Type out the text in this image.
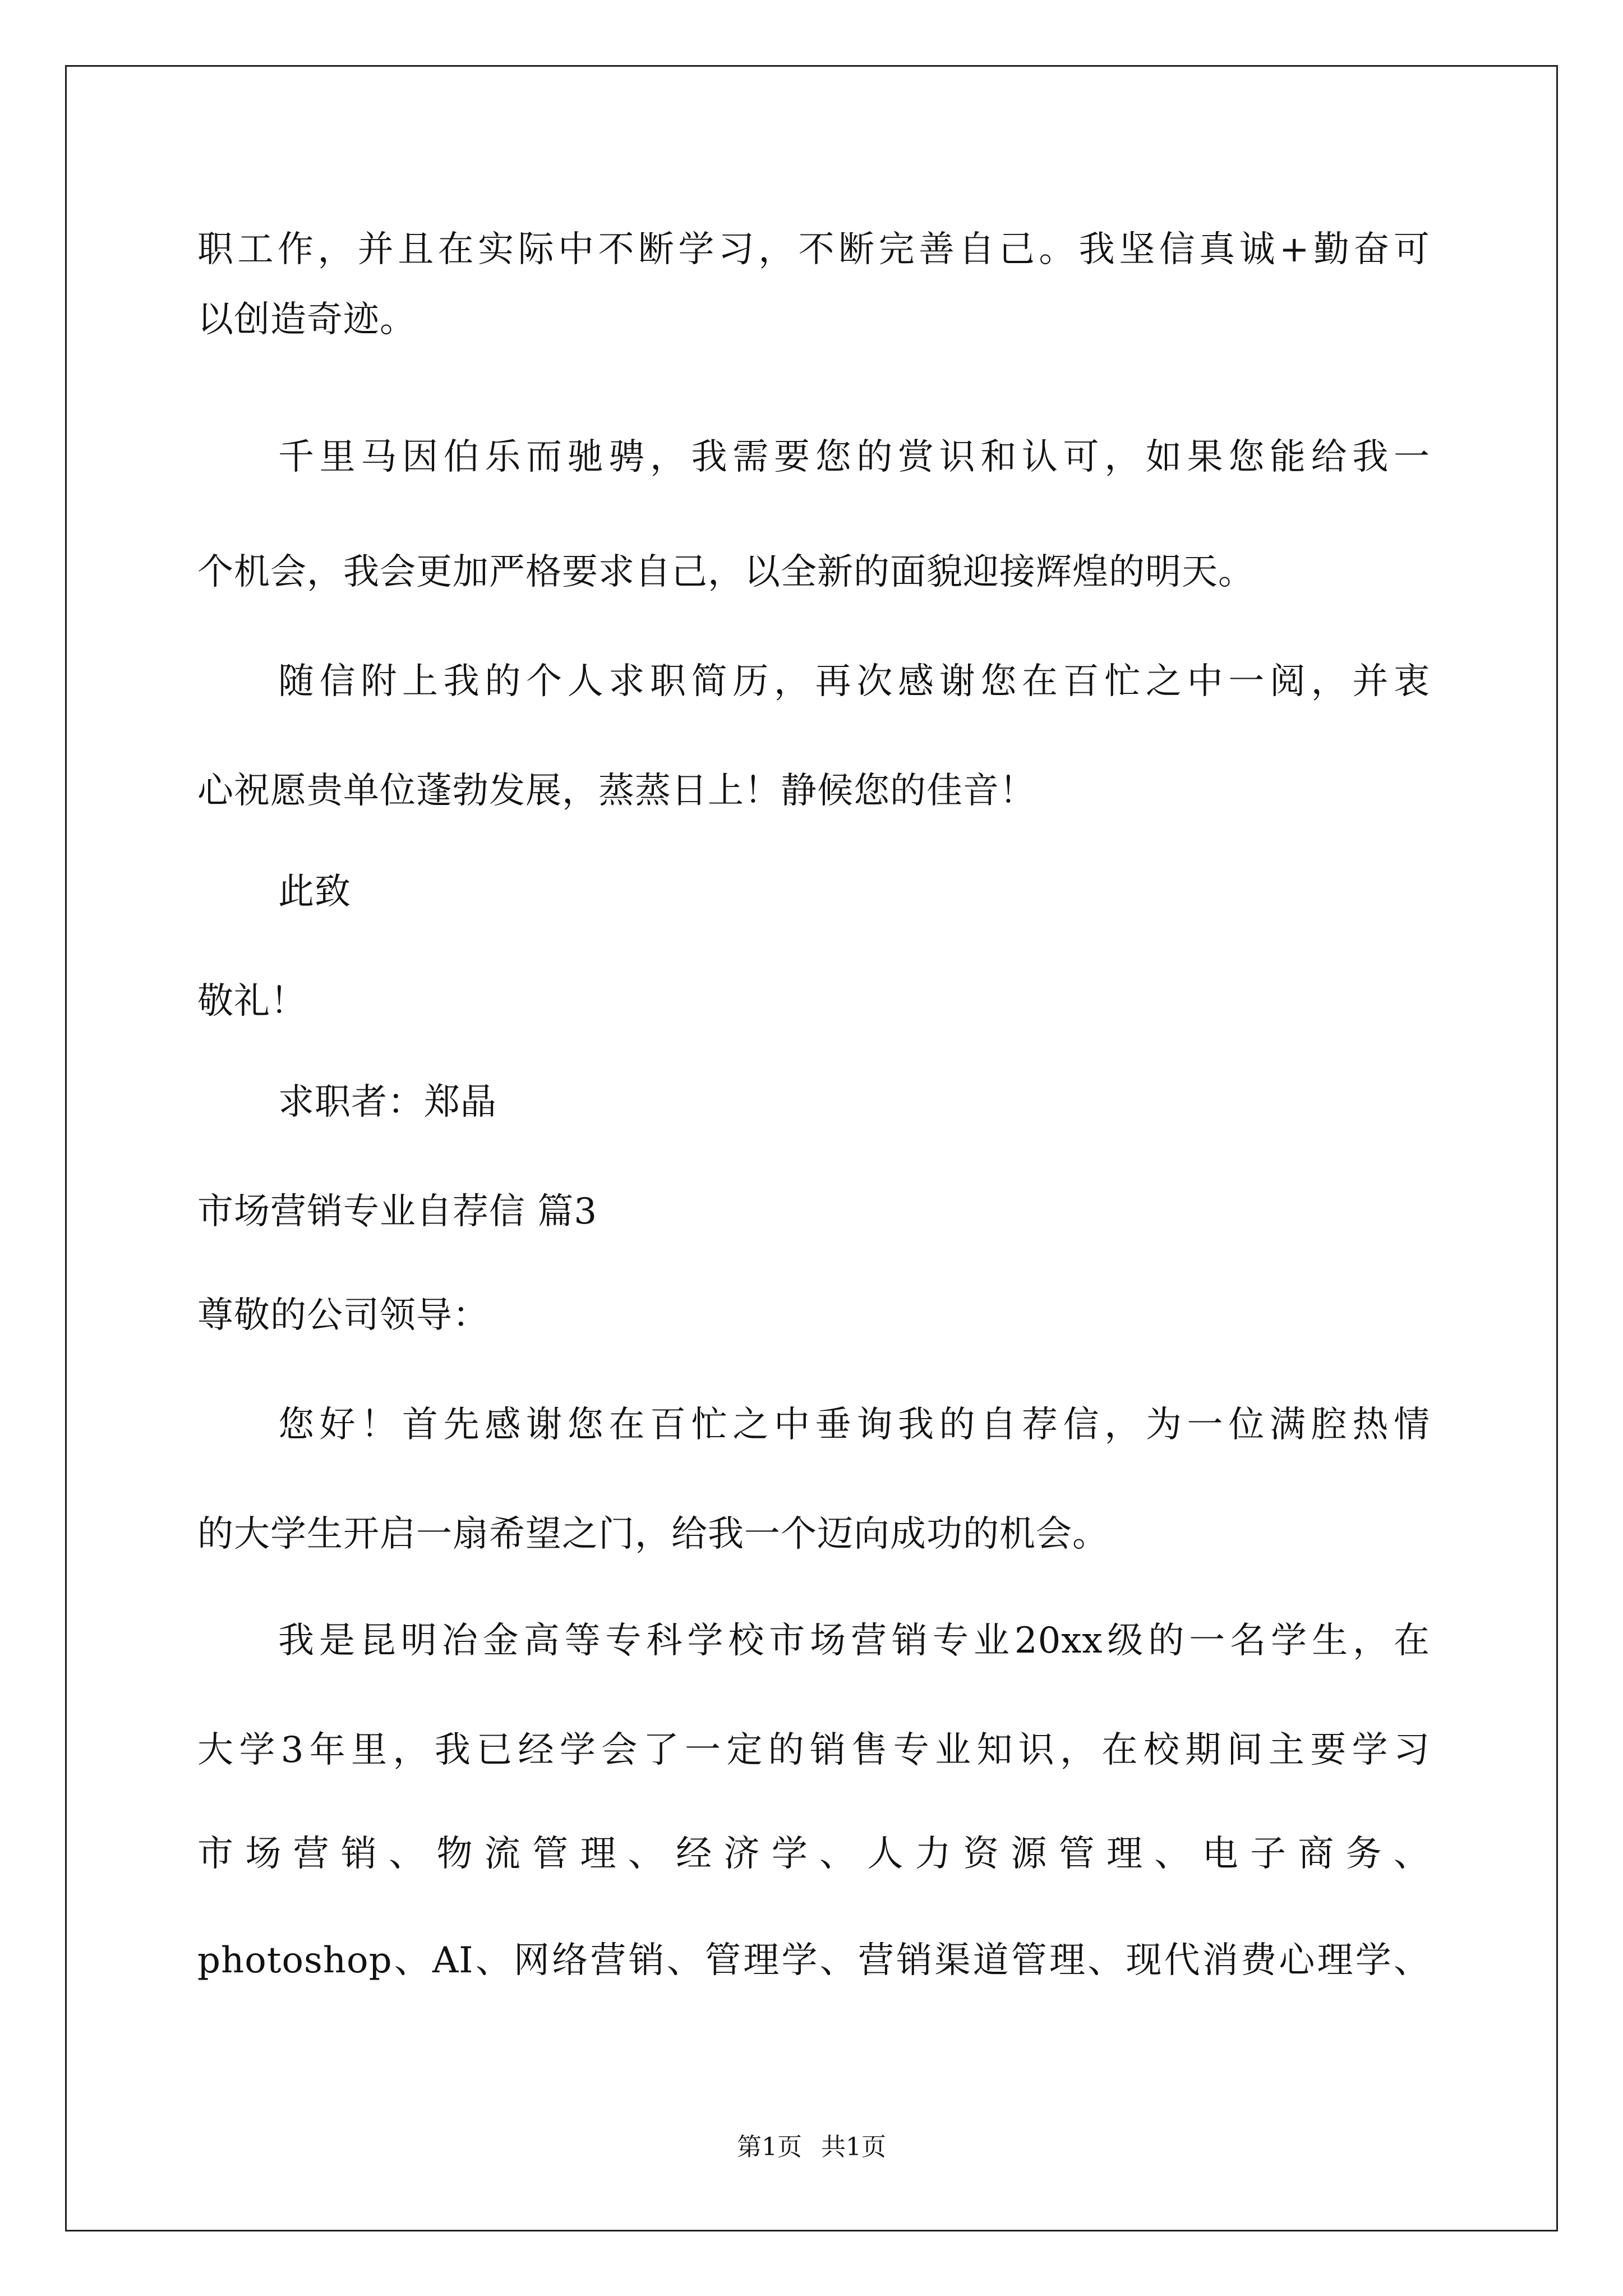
职工作，并且在实际中不断学习，不断完善自己。我坚信真诚+勤奋可
以创造奇迹。
千里马因伯乐而驰骋，我需要您的赏识和认可，如果您能给我一
个机会，我会更加严格要求自己，以全新的面貌迎接辉煌的明天。
随信附上我的个人求职简历，再次感谢您在百忙之中一阅，并衷
心祝愿贵单位蓬勃发展，蒸蒸日上！静候您的佳音！
此致
敬礼！
求职者：郑晶
市场营销专业自荐信 篇3
尊敬的公司领导：
您好！首先感谢您在百忙之中垂询我的自荐信，为一位满腔热情
的大学生开启一扇希望之门，给我一个迈向成功的机会。
我是昆明冶金高等专科学校市场营销专业20xx级的一名学生，在
大学3年里，我已经学会了一定的销售专业知识，在校期间主要学习
市场营销、物流管理、经济学、人力资源管理、电子商务、
photoshop、AI、网络营销、管理学、营销渠道管理、现代消费心理学、
第1页 共1页
